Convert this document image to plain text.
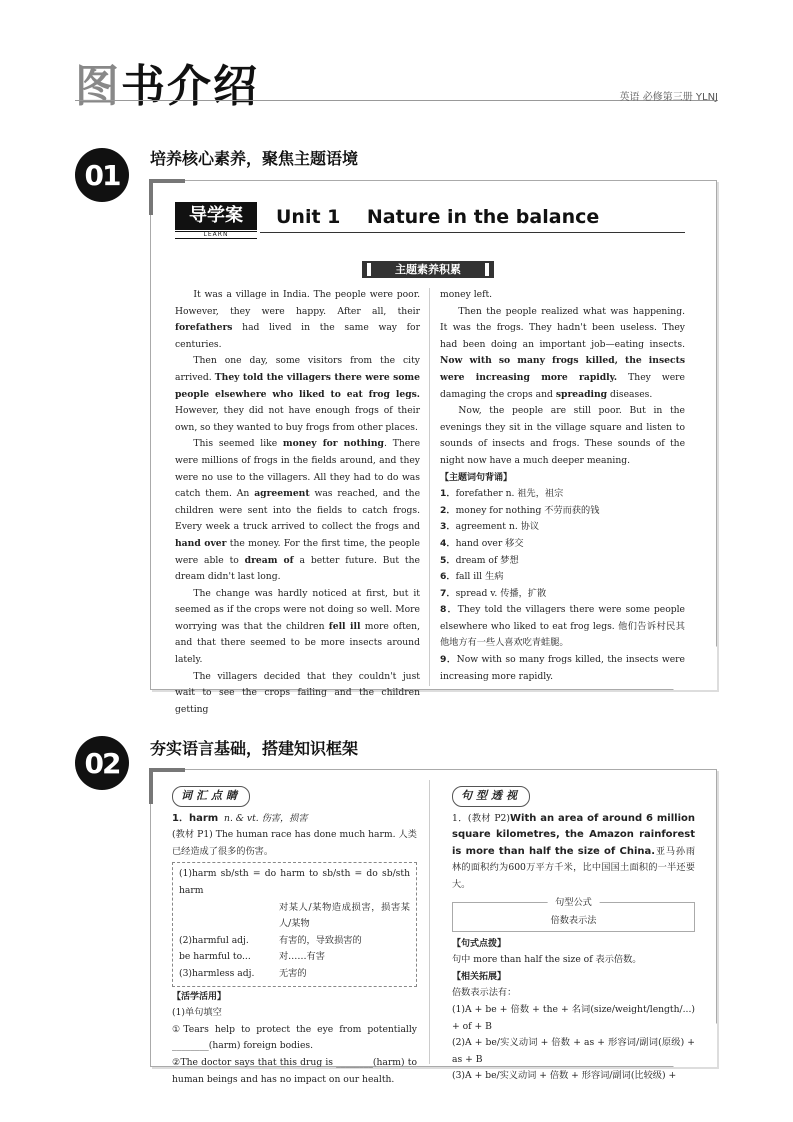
图书介绍	英语 必修第三册 YLNJ
01	培养核心素养，聚焦主题语境
导学案
LEARN
Unit 1    Nature in the balance
主题素养积累

It was a village in India. The people were poor. However, they were happy. After all, their forefathers had lived in the same way for centuries.

Then one day, some visitors from the city arrived. They told the villagers there were some people elsewhere who liked to eat frog legs. However, they did not have enough frogs of their own, so they wanted to buy frogs from other places.

This seemed like money for nothing. There were millions of frogs in the fields around, and they were no use to the villagers. All they had to do was catch them. An agreement was reached, and the children were sent into the fields to catch frogs. Every week a truck arrived to collect the frogs and hand over the money. For the first time, the people were able to dream of a better future. But the dream didn't last long.

The change was hardly noticed at first, but it seemed as if the crops were not doing so well. More worrying was that the children fell ill more often, and that there seemed to be more insects around lately.

The villagers decided that they couldn't just wait to see the crops failing and the children getting

money left.

Then the people realized what was happening. It was the frogs. They hadn't been useless. They had been doing an important job—eating insects. Now with so many frogs killed, the insects were increasing more rapidly. They were damaging the crops and spreading diseases.

Now, the people are still poor. But in the evenings they sit in the village square and listen to sounds of insects and frogs. These sounds of the night now have a much deeper meaning.

【主题词句背诵】
1．forefather n. 祖先，祖宗
2．money for nothing 不劳而获的钱
3．agreement n. 协议
4．hand over 移交
5．dream of 梦想
6．fall ill 生病
7．spread v. 传播，扩散
8．They told the villagers there were some people elsewhere who liked to eat frog legs. 他们告诉村民其他地方有一些人喜欢吃青蛙腿。
9．Now with so many frogs killed, the insects were increasing more rapidly.
02	夯实语言基础，搭建知识框架
词汇点睛
1．harm n. & vt. 伤害，损害
(教材 P1) The human race has done much harm. 人类已经造成了很多的伤害。
(1)harm sb/sth = do harm to sb/sth = do sb/sth harm
对某人/某物造成损害，损害某人/某物
(2)harmful adj.	有害的，导致损害的
be harmful to...	对……有害
(3)harmless adj.	无害的
【活学活用】
(1)单句填空
①Tears help to protect the eye from potentially ________(harm) foreign bodies.
②The doctor says that this drug is ________(harm) to human beings and has no impact on our health.
句型透视
1．(教材 P2)With an area of around 6 million square kilometres, the Amazon rainforest is more than half the size of China.亚马孙雨林的面积约为600万平方千米，比中国国土面积的一半还要大。
句型公式
倍数表示法
【句式点拨】
句中 more than half the size of 表示倍数。
【相关拓展】
倍数表示法有：
(1)A + be + 倍数 + the + 名词(size/weight/length/...) + of + B
(2)A + be/实义动词 + 倍数 + as + 形容词/副词(原级) + as + B
(3)A + be/实义动词 + 倍数 + 形容词/副词(比较级) +
